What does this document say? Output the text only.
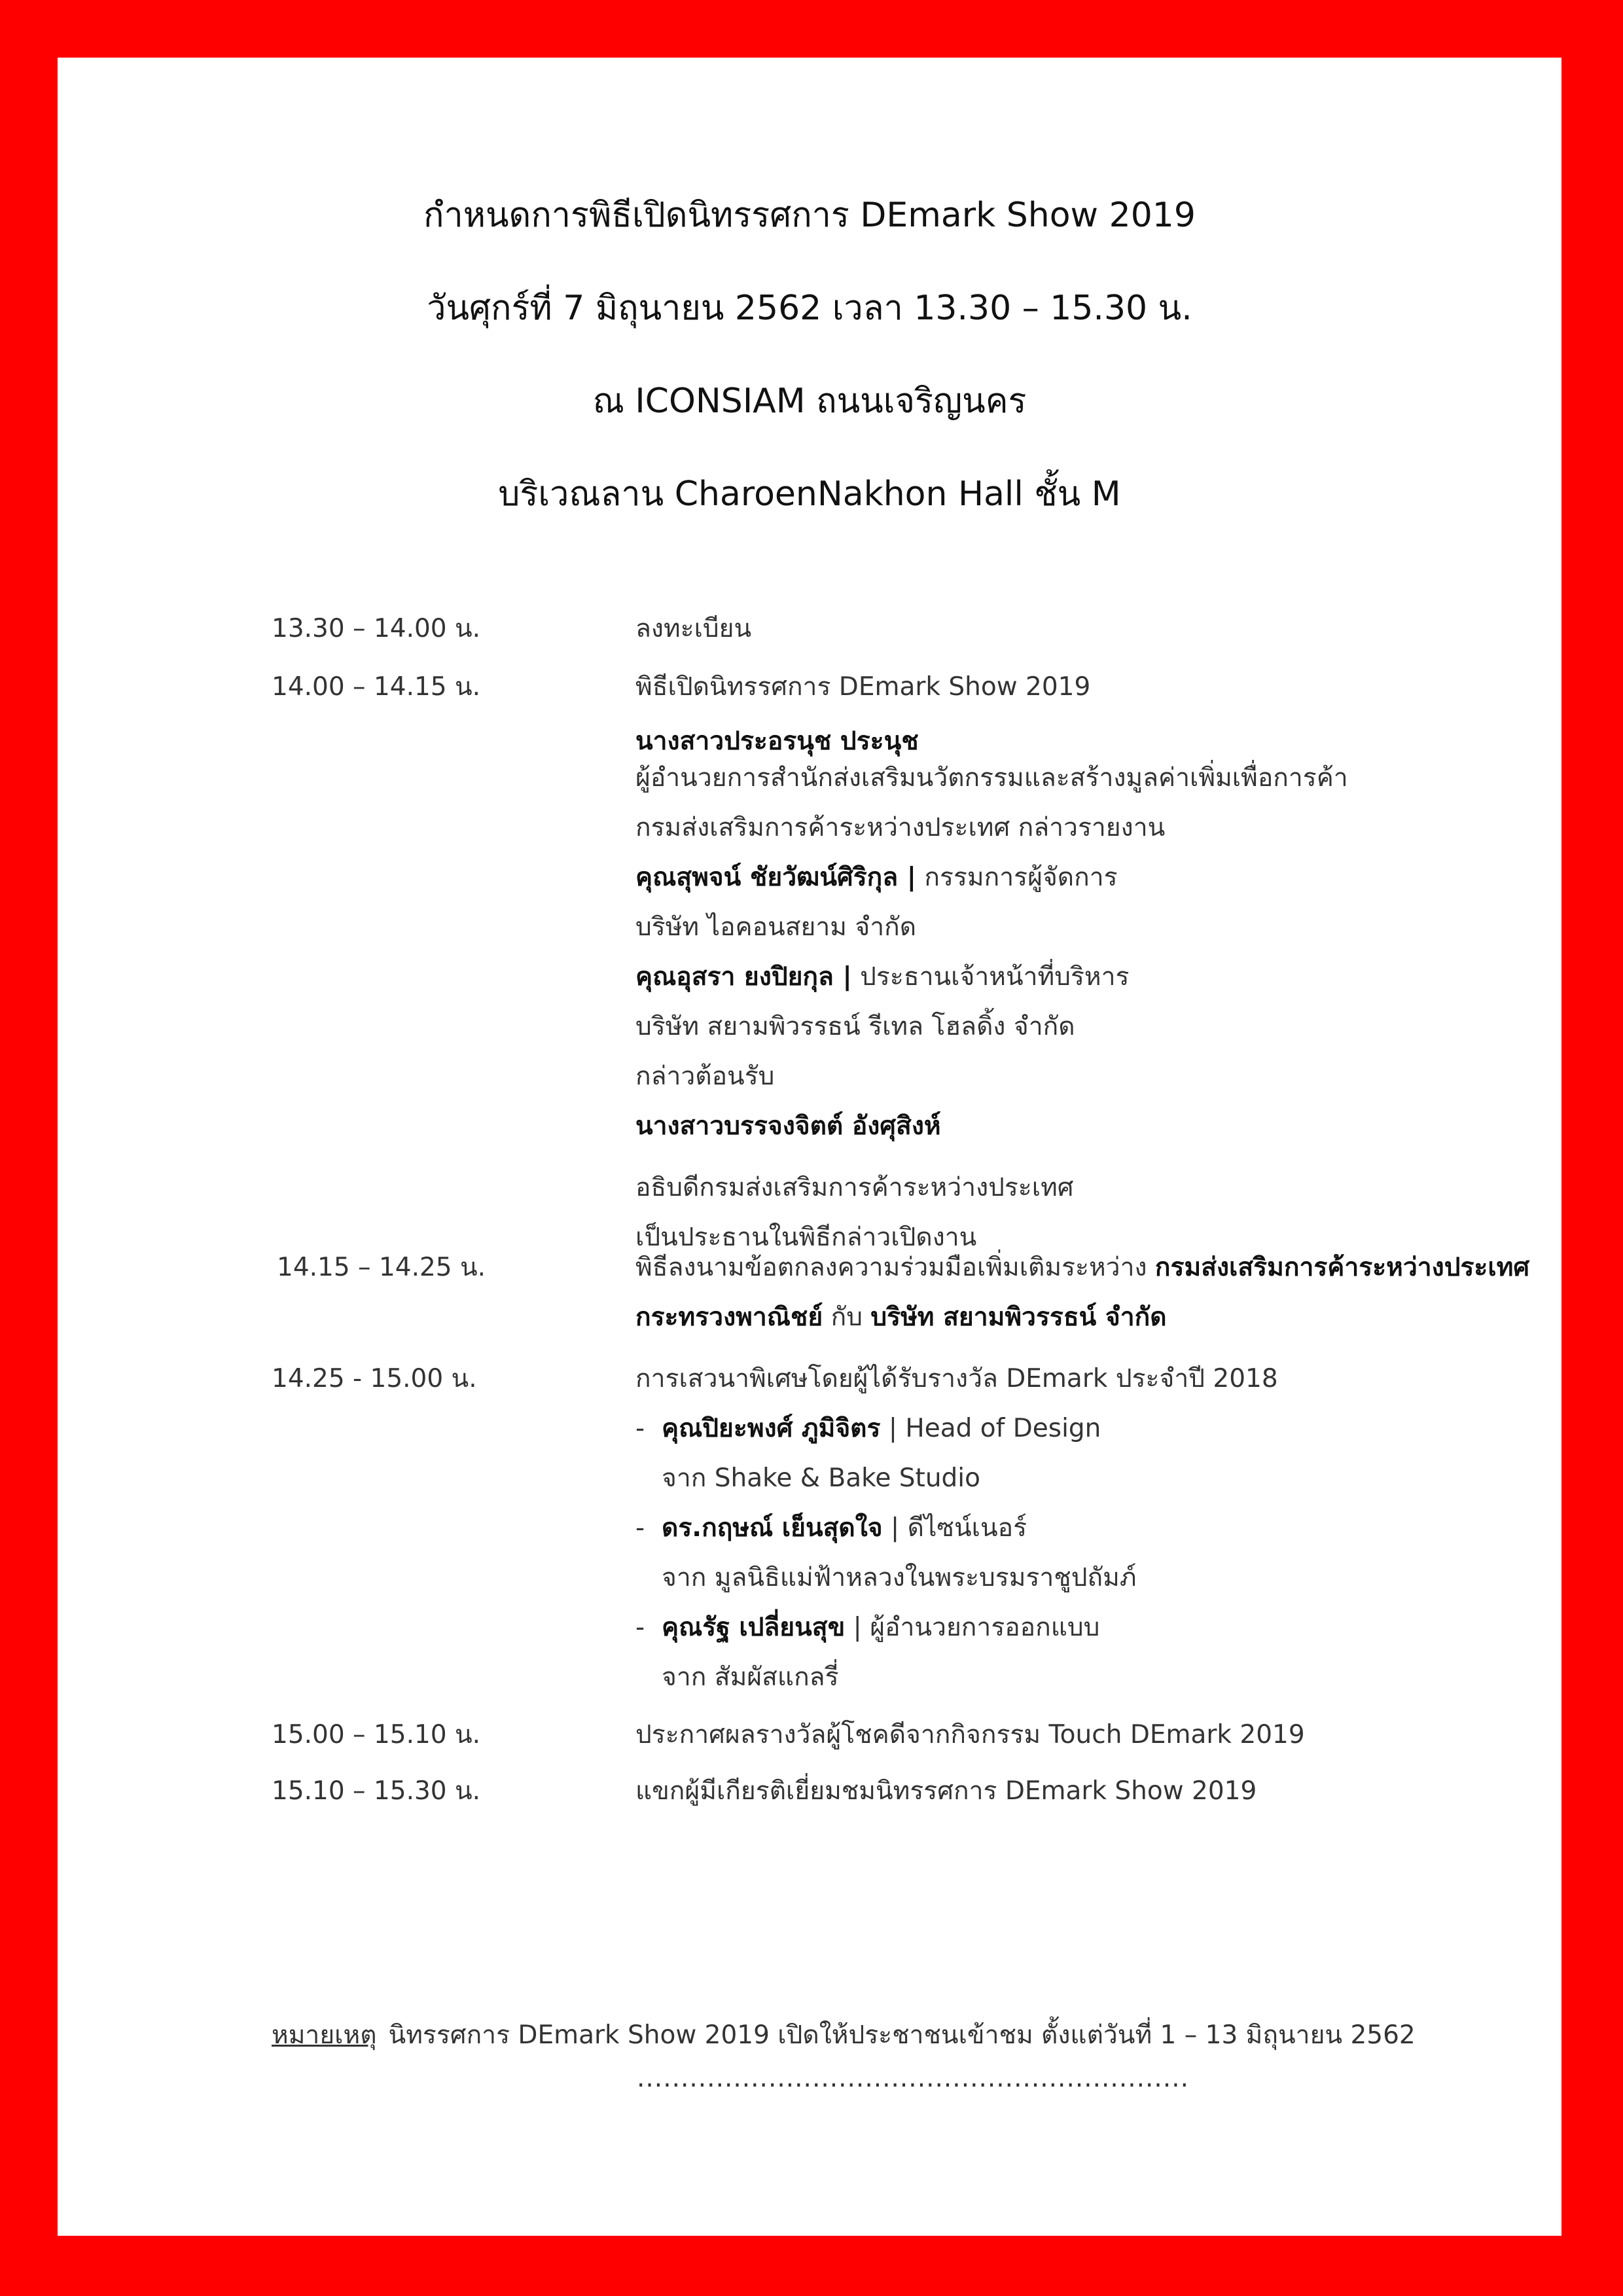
กำหนดการพิธีเปิดนิทรรศการ DEmark Show 2019
วันศุกร์ที่ 7 มิถุนายน 2562 เวลา 13.30 – 15.30 น.
ณ ICONSIAM ถนนเจริญนคร
บริเวณลาน CharoenNakhon Hall ชั้น M
13.30 – 14.00 น.	ลงทะเบียน
14.00 – 14.15 น.	พิธีเปิดนิทรรศการ DEmark Show 2019
นางสาวประอรนุช ประนุช
ผู้อำนวยการสำนักส่งเสริมนวัตกรรมและสร้างมูลค่าเพิ่มเพื่อการค้า
กรมส่งเสริมการค้าระหว่างประเทศ กล่าวรายงาน
คุณสุพจน์ ชัยวัฒน์ศิริกุล | กรรมการผู้จัดการ
บริษัท ไอคอนสยาม จำกัด
คุณอุสรา ยงปิยกุล | ประธานเจ้าหน้าที่บริหาร
บริษัท สยามพิวรรธน์ รีเทล โฮลดิ้ง จำกัด
กล่าวต้อนรับ
นางสาวบรรจงจิตต์ อังศุสิงห์
อธิบดีกรมส่งเสริมการค้าระหว่างประเทศ
เป็นประธานในพิธีกล่าวเปิดงาน
14.15 – 14.25 น.	พิธีลงนามข้อตกลงความร่วมมือเพิ่มเติมระหว่าง กรมส่งเสริมการค้าระหว่างประเทศ
กระทรวงพาณิชย์ กับ บริษัท สยามพิวรรธน์ จำกัด
14.25 - 15.00 น.	การเสวนาพิเศษโดยผู้ได้รับรางวัล DEmark ประจำปี 2018
- คุณปิยะพงศ์ ภูมิจิตร | Head of Design
จาก Shake & Bake Studio
- ดร.กฤษณ์ เย็นสุดใจ | ดีไซน์เนอร์
จาก มูลนิธิแม่ฟ้าหลวงในพระบรมราชูปถัมภ์
- คุณรัฐ เปลี่ยนสุข | ผู้อำนวยการออกแบบ
จาก สัมผัสแกลรี่
15.00 – 15.10 น.	ประกาศผลรางวัลผู้โชคดีจากกิจกรรม Touch DEmark 2019
15.10 – 15.30 น.	แขกผู้มีเกียรติเยี่ยมชมนิทรรศการ DEmark Show 2019
หมายเหตุ นิทรรศการ DEmark Show 2019 เปิดให้ประชาชนเข้าชม ตั้งแต่วันที่ 1 – 13 มิถุนายน 2562
...............................................................
